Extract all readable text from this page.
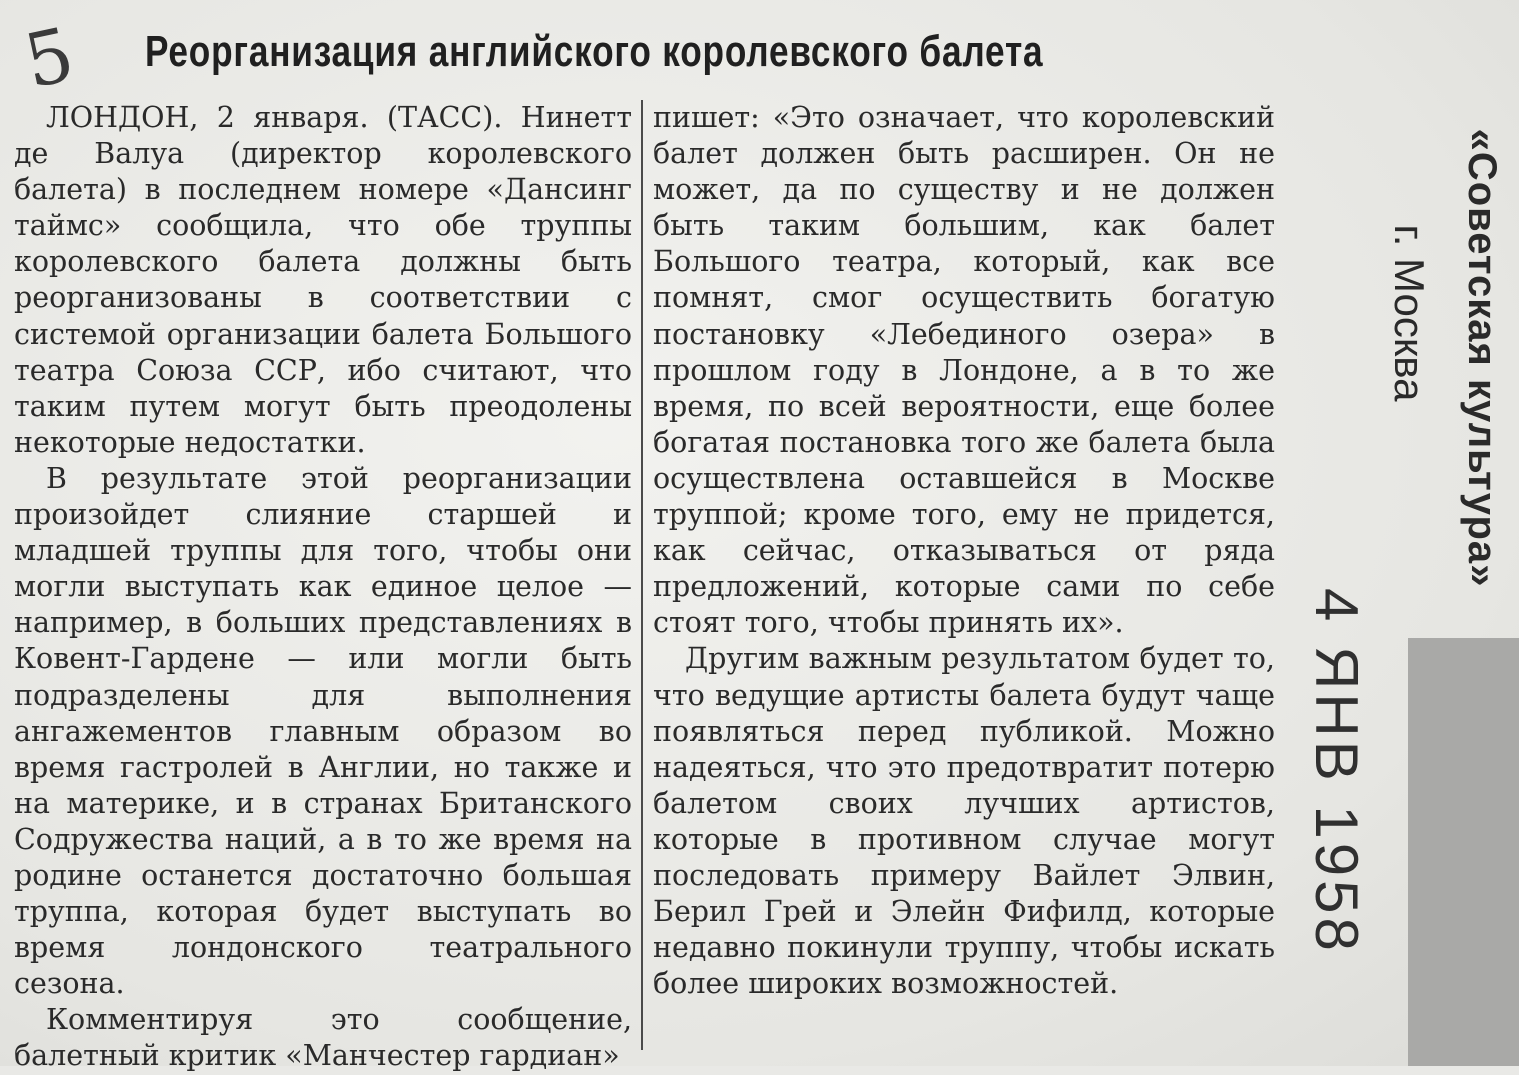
5	Реорганизация английского королевского балета

ЛОНДОН, 2 января. (ТАСС). Нинетт де Валуа (директор королевского балета) в последнем номере «Дансинг таймс» сообщила, что обе труппы королевского балета должны быть реорганизованы в соответствии с системой организации балета Большого театра Союза ССР, ибо считают, что таким путем могут быть преодолены некоторые недостатки.

В результате этой реорганизации произойдет слияние старшей и младшей труппы для того, чтобы они могли выступать как единое целое — например, в больших представлениях в Ковент-Гардене — или могли быть подразделены для выполнения ангажементов главным образом во время гастролей в Англии, но также и на материке, и в странах Британского Содружества наций, а в то же время на родине останется достаточно большая труппа, которая будет выступать во время лондонского театрального сезона.

Комментируя это сообщение, балетный критик «Манчестер гардиан»

пишет: «Это означает, что королевский балет должен быть расширен. Он не может, да по существу и не должен быть таким большим, как балет Большого театра, который, как все помнят, смог осуществить богатую постановку «Лебединого озера» в прошлом году в Лондоне, а в то же время, по всей вероятности, еще более богатая постановка того же балета была осуществлена оставшейся в Москве труппой; кроме того, ему не придется, как сейчас, отказываться от ряда предложений, которые сами по себе стоят того, чтобы принять их».

Другим важным результатом будет то, что ведущие артисты балета будут чаще появляться перед публикой. Можно надеяться, что это предотвратит потерю балетом своих лучших артистов, которые в противном случае могут последовать примеру Вайлет Элвин, Берил Грей и Элейн Фифилд, которые недавно покинули труппу, чтобы искать более широких возможностей.

«Советская культура»
г. Москва
4 ЯНВ 1958
